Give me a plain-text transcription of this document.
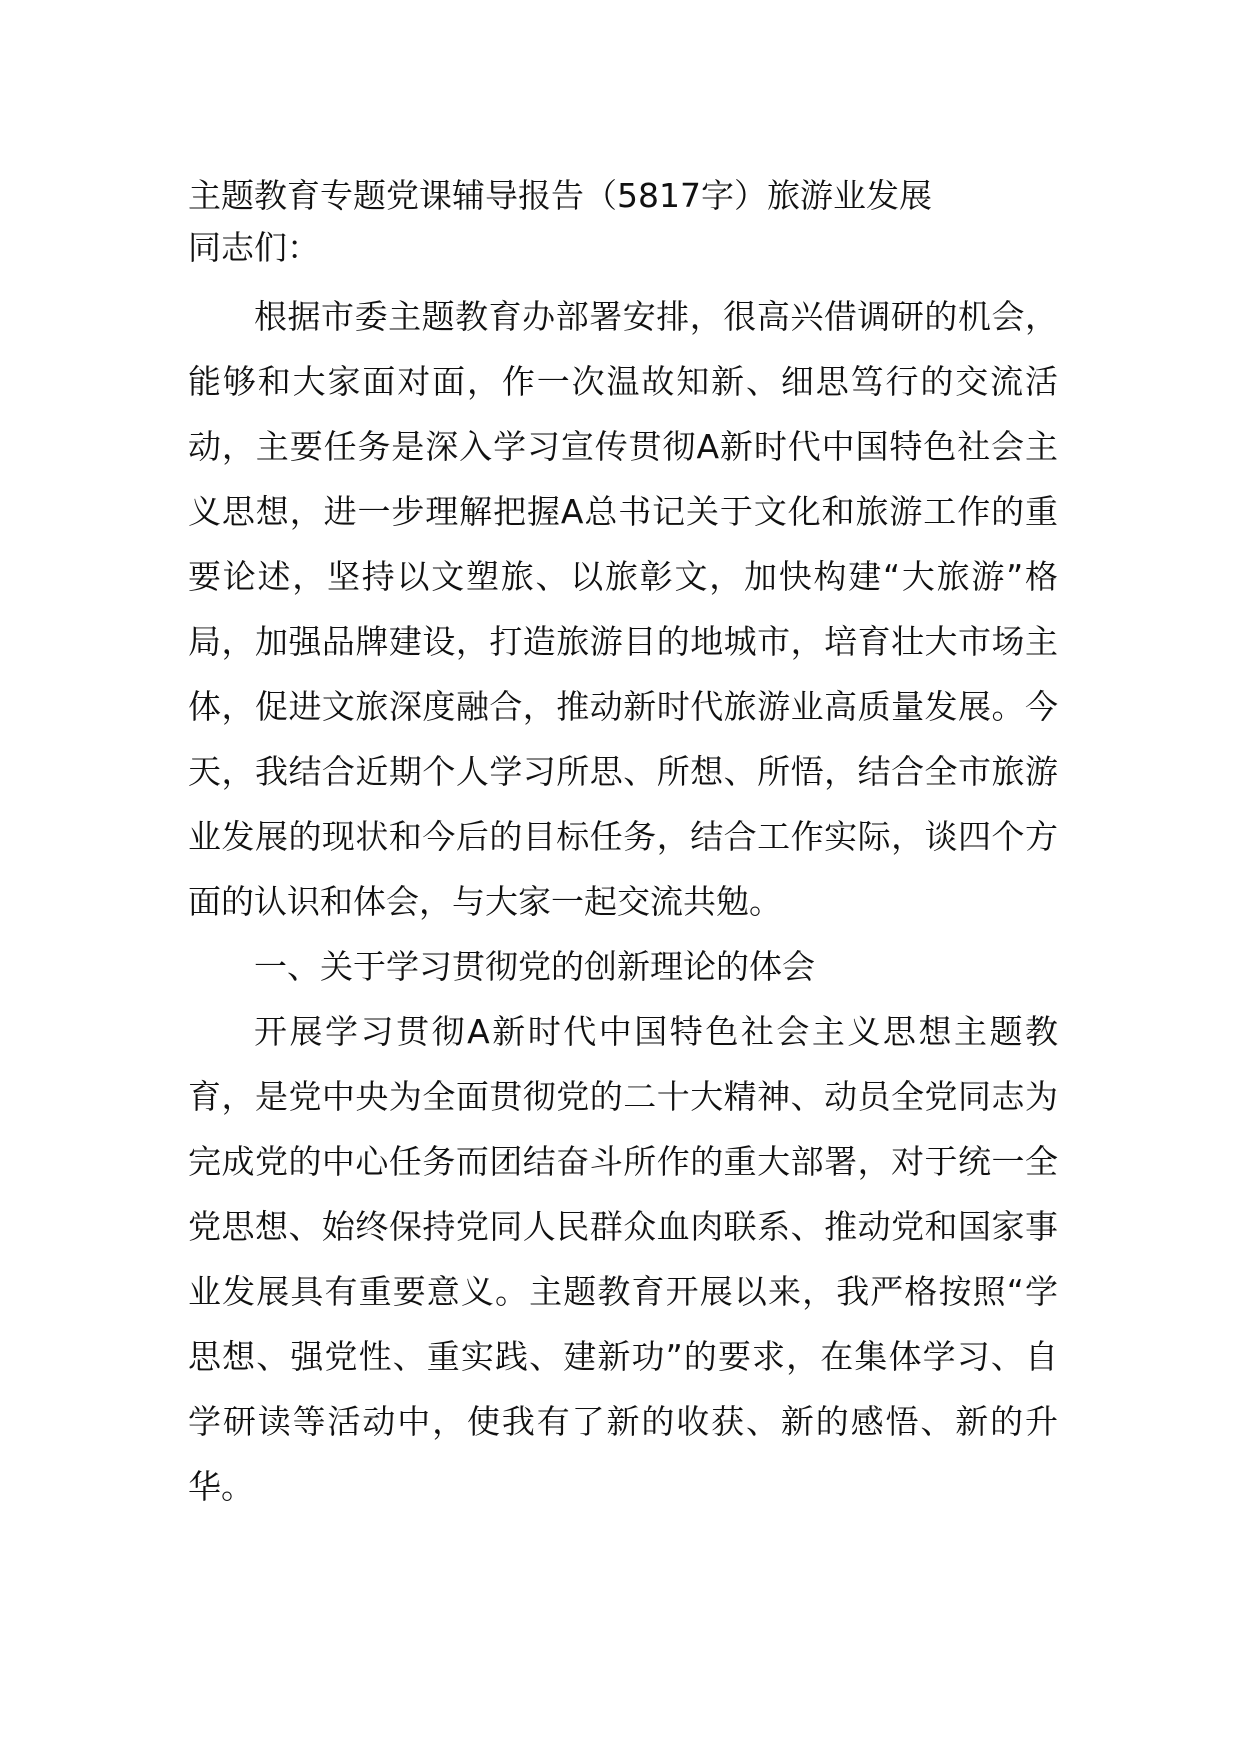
主题教育专题党课辅导报告（5817字）旅游业发展

同志们：

根据市委主题教育办部署安排，很高兴借调研的机会，能够和大家面对面，作一次温故知新、细思笃行的交流活动，主要任务是深入学习宣传贯彻A新时代中国特色社会主义思想，进一步理解把握A总书记关于文化和旅游工作的重要论述，坚持以文塑旅、以旅彰文，加快构建“大旅游”格局，加强品牌建设，打造旅游目的地城市，培育壮大市场主体，促进文旅深度融合，推动新时代旅游业高质量发展。今天，我结合近期个人学习所思、所想、所悟，结合全市旅游业发展的现状和今后的目标任务，结合工作实际，谈四个方面的认识和体会，与大家一起交流共勉。

一、关于学习贯彻党的创新理论的体会

开展学习贯彻A新时代中国特色社会主义思想主题教育，是党中央为全面贯彻党的二十大精神、动员全党同志为完成党的中心任务而团结奋斗所作的重大部署，对于统一全党思想、始终保持党同人民群众血肉联系、推动党和国家事业发展具有重要意义。主题教育开展以来，我严格按照“学思想、强党性、重实践、建新功”的要求，在集体学习、自学研读等活动中，使我有了新的收获、新的感悟、新的升华。
